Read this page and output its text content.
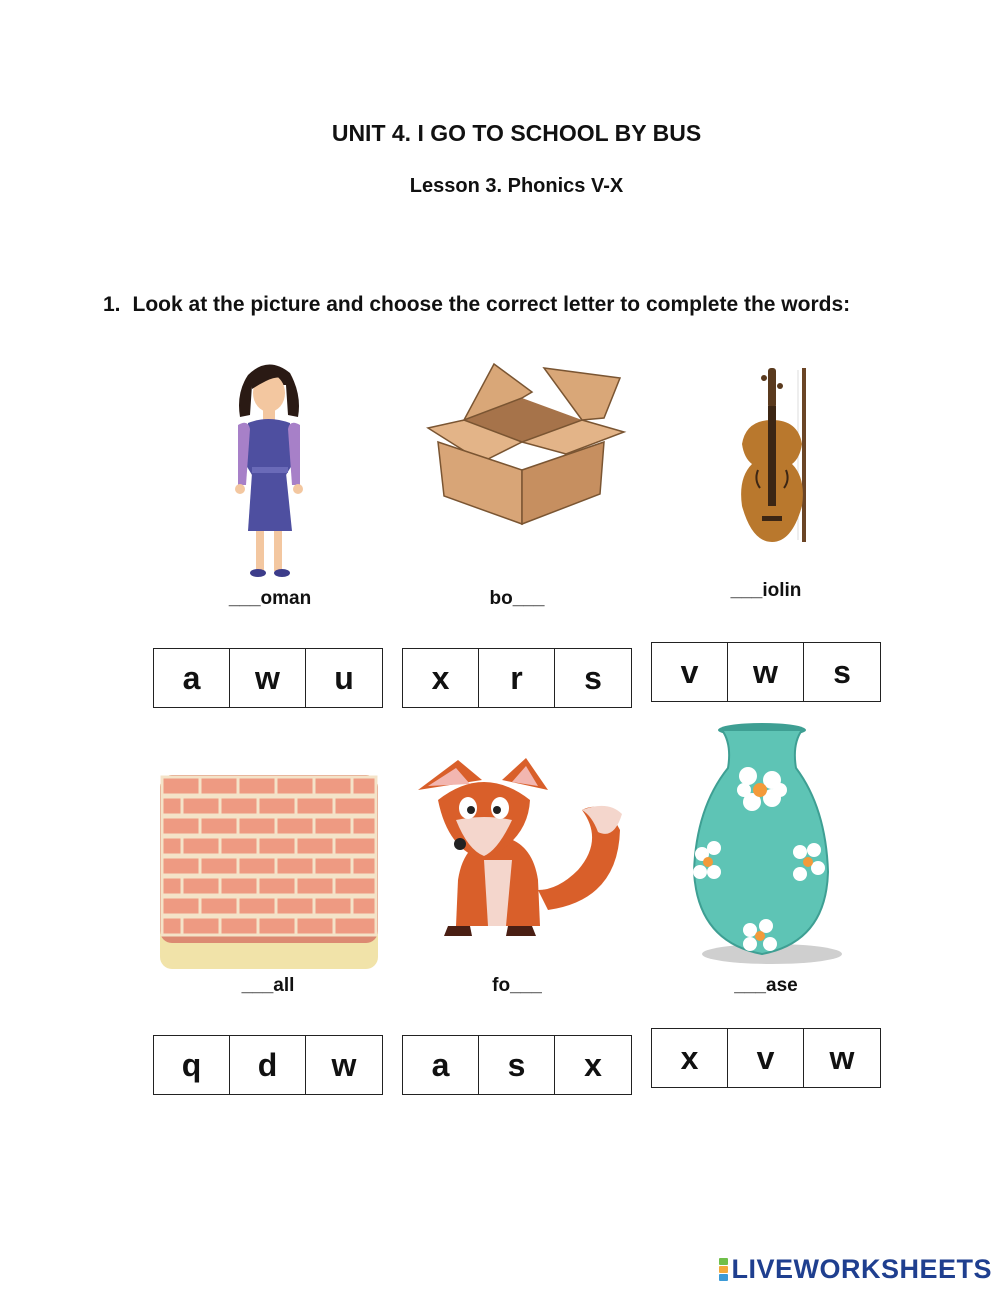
UNIT 4. I GO TO SCHOOL BY BUS
Lesson 3. Phonics V-X
1. Look at the picture and choose the correct letter to complete the words:
___oman
a	w	u
bo___
x	r	s
___iolin
v	w	s
___all
q	d	w
fo___
a	s	x
___ase
x	v	w
LIVEWORKSHEETS
